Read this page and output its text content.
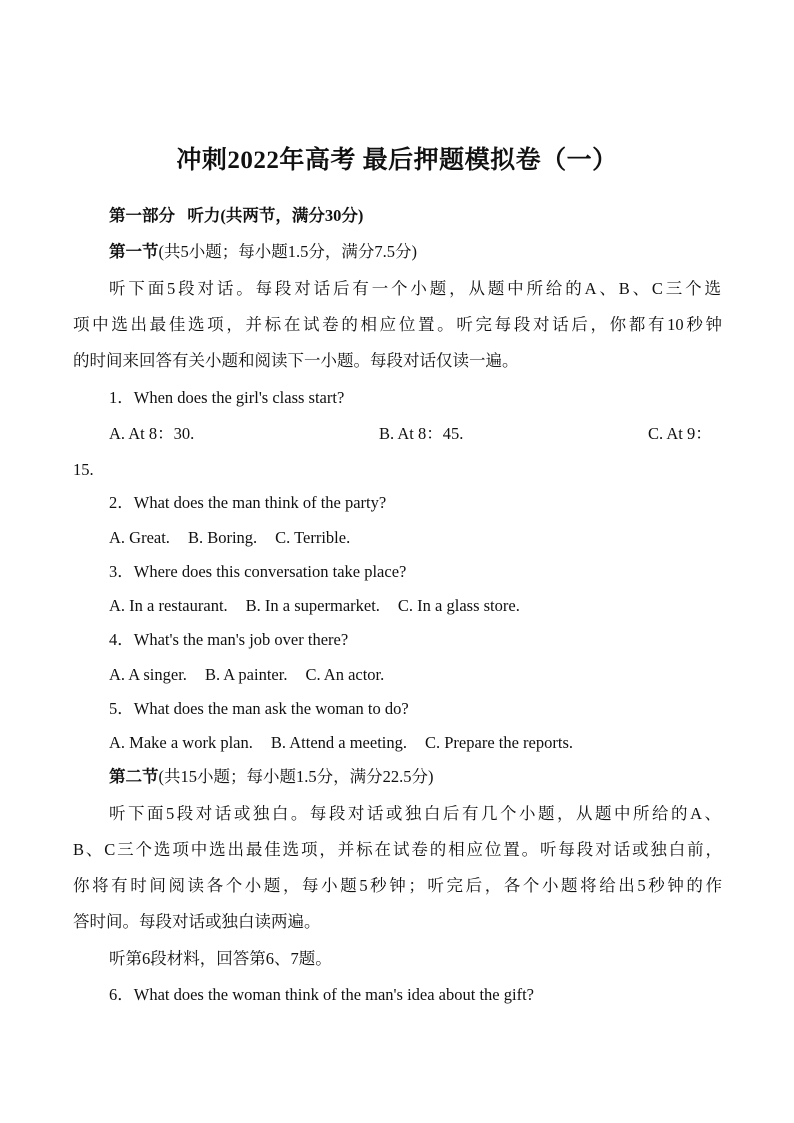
冲刺2022年高考 最后押题模拟卷（一）
第一部分 听力(共两节，满分30分)
第一节(共5小题；每小题1.5分，满分7.5分)
听下面5段对话。每段对话后有一个小题，从题中所给的A、B、C三个选
项中选出最佳选项，并标在试卷的相应位置。听完每段对话后，你都有10秒钟
的时间来回答有关小题和阅读下一小题。每段对话仅读一遍。
1．When does the girl's class start?
A. At 8：30.	B. At 8：45.	C. At 9：
15.
2．What does the man think of the party?
A. Great. B. Boring. C. Terrible.
3．Where does this conversation take place?
A. In a restaurant. B. In a supermarket. C. In a glass store.
4．What's the man's job over there?
A. A singer. B. A painter. C. An actor.
5．What does the man ask the woman to do?
A. Make a work plan. B. Attend a meeting. C. Prepare the reports.
第二节(共15小题；每小题1.5分，满分22.5分)
听下面5段对话或独白。每段对话或独白后有几个小题，从题中所给的A、
B、C三个选项中选出最佳选项，并标在试卷的相应位置。听每段对话或独白前，
你将有时间阅读各个小题，每小题5秒钟；听完后，各个小题将给出5秒钟的作
答时间。每段对话或独白读两遍。
听第6段材料，回答第6、7题。
6．What does the woman think of the man's idea about the gift?
